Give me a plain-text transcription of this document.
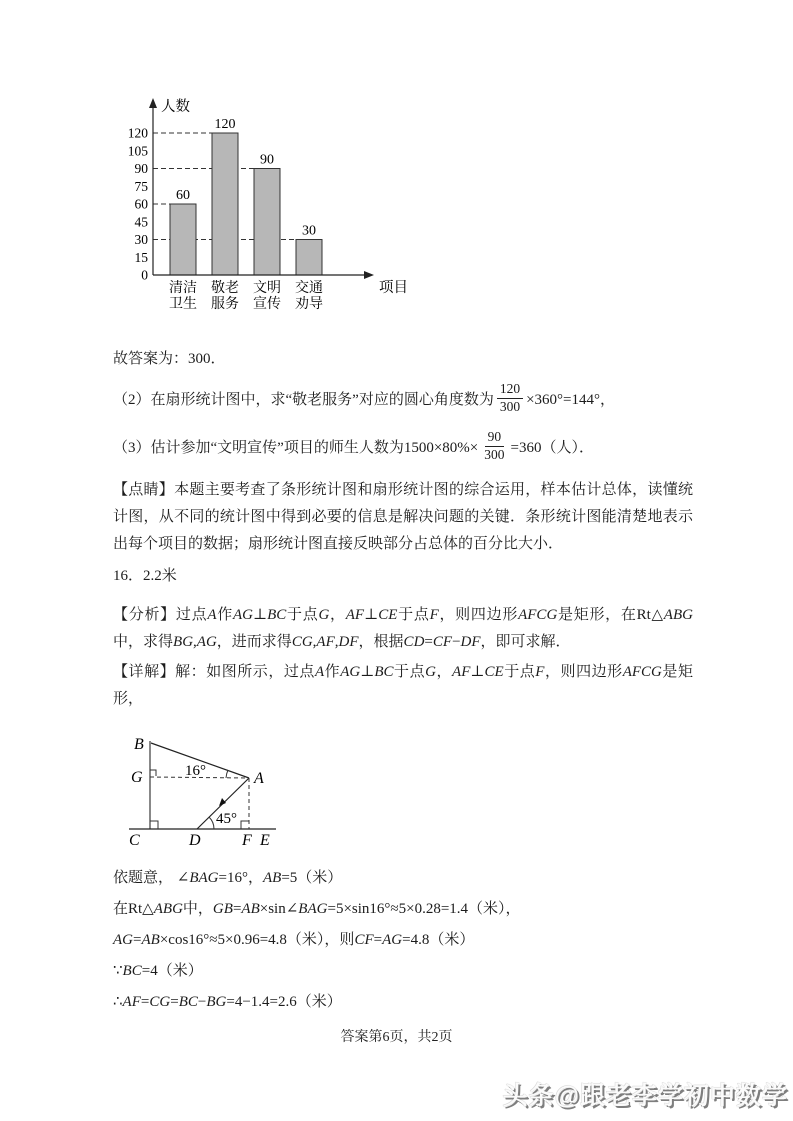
60
120
90
30
0
15
30
45
60
75
90
105
120
清洁卫生
敬老服务
文明宣传
交通劝导
人数
项目

故答案为：300．

（2）在扇形统计图中，求“敬老服务”对应的圆心角度数为 $\frac{120}{300} \times 360^\circ=144^\circ$，

（3）估计参加“文明宣传”项目的师生人数为$1500\times 80\%\times \frac{90}{300} =360$（人）．

【点睛】本题主要考查了条形统计图和扇形统计图的综合运用，样本估计总体，读懂统计图，从不同的统计图中得到必要的信息是解决问题的关键．条形统计图能清楚地表示出每个项目的数据；扇形统计图直接反映部分占总体的百分比大小．

16．2.2米

【分析】过点A作AG⊥BC于点G，AF⊥CE于点F，则四边形AFCG是矩形，在Rt△ABG中，求得BG,AG，进而求得CG,AF,DF，根据CD=CF−DF，即可求解．

【详解】解：如图所示，过点A作AG⊥BC于点G，AF⊥CE于点F，则四边形AFCG是矩形，

16°
45°
B
G
C	D	F E
A

依题意， ∠BAG=16°，AB=5（米）

在Rt△ABG中，GB=AB×sin∠BAG=5×sin16°≈5×0.28=1.4（米），

AG=AB×cos16°≈5×0.96=4.8（米），则CF=AG=4.8（米）

∵BC=4（米）

∴AF=CG=BC−BG=4−1.4=2.6（米）

答案第6页，共2页
头条@跟老李学初中数学
